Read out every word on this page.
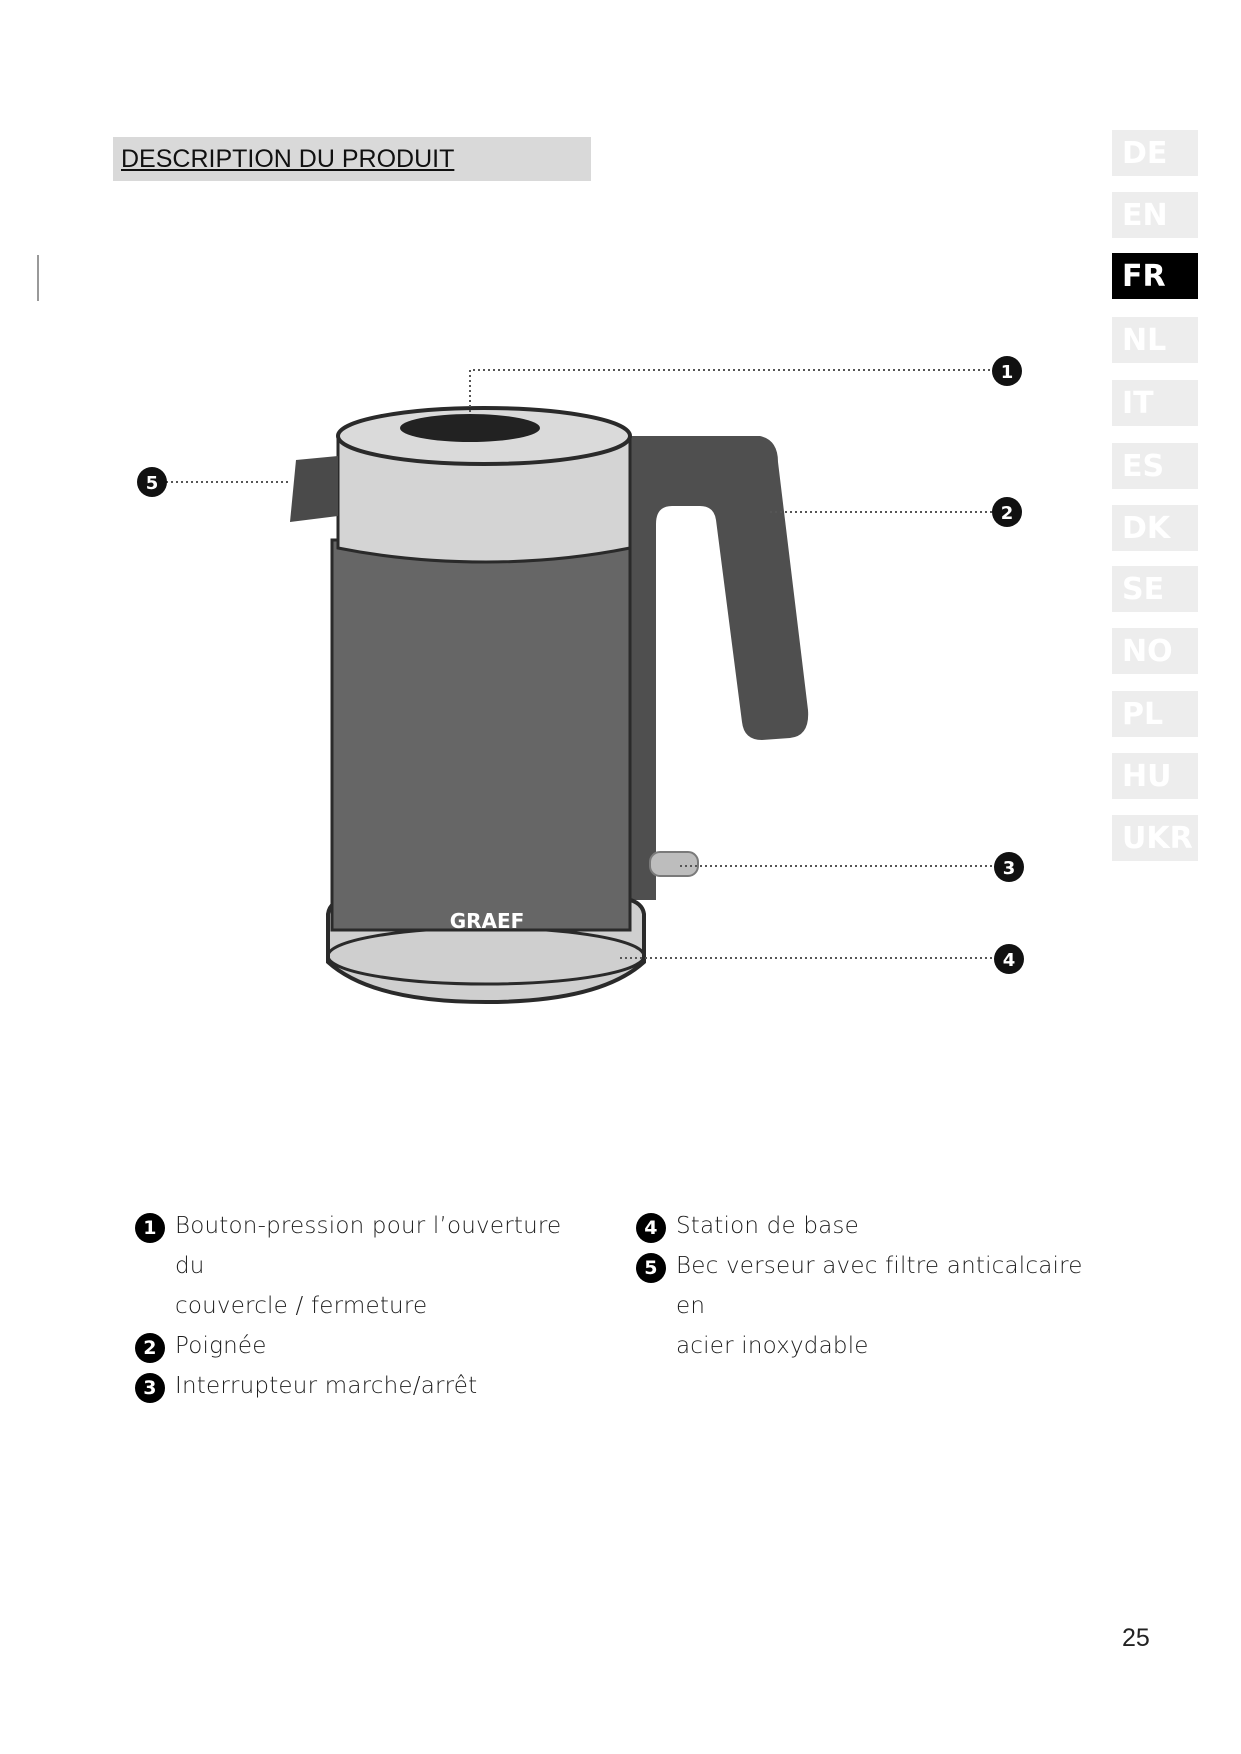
DESCRIPTION DU PRODUIT	DE
EN
FR
NL
IT
ES
DK
SE
NO
PL
HU
UKR
GRAEF
1
2
3
4
5
1 Bouton-pression pour l’ouverture du
couvercle / fermeture
2 Poignée
3 Interrupteur marche/arrêt
4 Station de base
5 Bec verseur avec filtre anticalcaire en
acier inoxydable
25
